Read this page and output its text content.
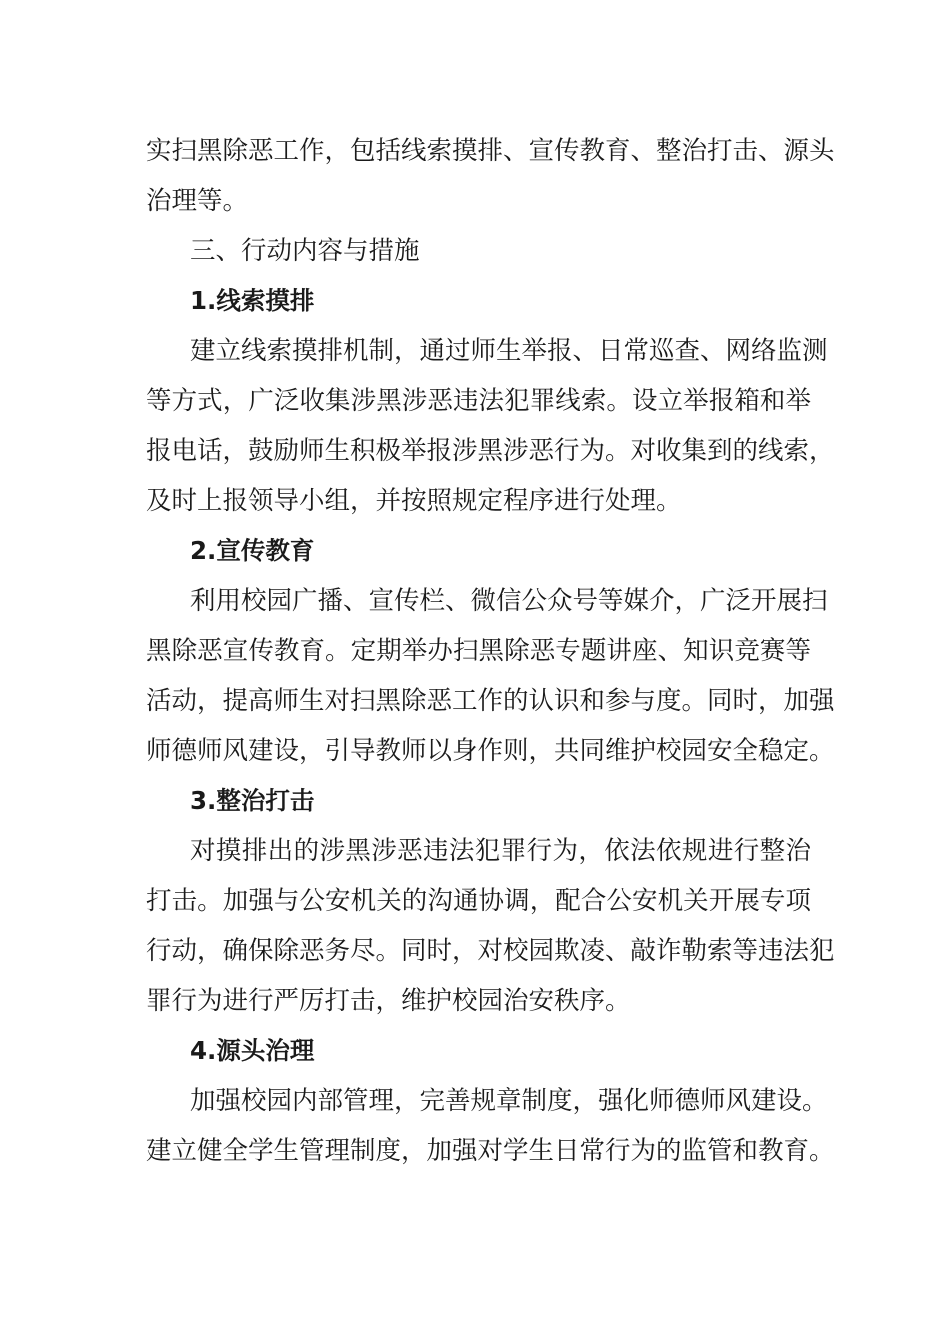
实扫黑除恶工作，包括线索摸排、宣传教育、整治打击、源头
治理等。
三、行动内容与措施
1.线索摸排
建立线索摸排机制，通过师生举报、日常巡查、网络监测
等方式，广泛收集涉黑涉恶违法犯罪线索。设立举报箱和举
报电话，鼓励师生积极举报涉黑涉恶行为。对收集到的线索，
及时上报领导小组，并按照规定程序进行处理。
2.宣传教育
利用校园广播、宣传栏、微信公众号等媒介，广泛开展扫
黑除恶宣传教育。定期举办扫黑除恶专题讲座、知识竞赛等
活动，提高师生对扫黑除恶工作的认识和参与度。同时，加强
师德师风建设，引导教师以身作则，共同维护校园安全稳定。
3.整治打击
对摸排出的涉黑涉恶违法犯罪行为，依法依规进行整治
打击。加强与公安机关的沟通协调，配合公安机关开展专项
行动，确保除恶务尽。同时，对校园欺凌、敲诈勒索等违法犯
罪行为进行严厉打击，维护校园治安秩序。
4.源头治理
加强校园内部管理，完善规章制度，强化师德师风建设。
建立健全学生管理制度，加强对学生日常行为的监管和教育。
